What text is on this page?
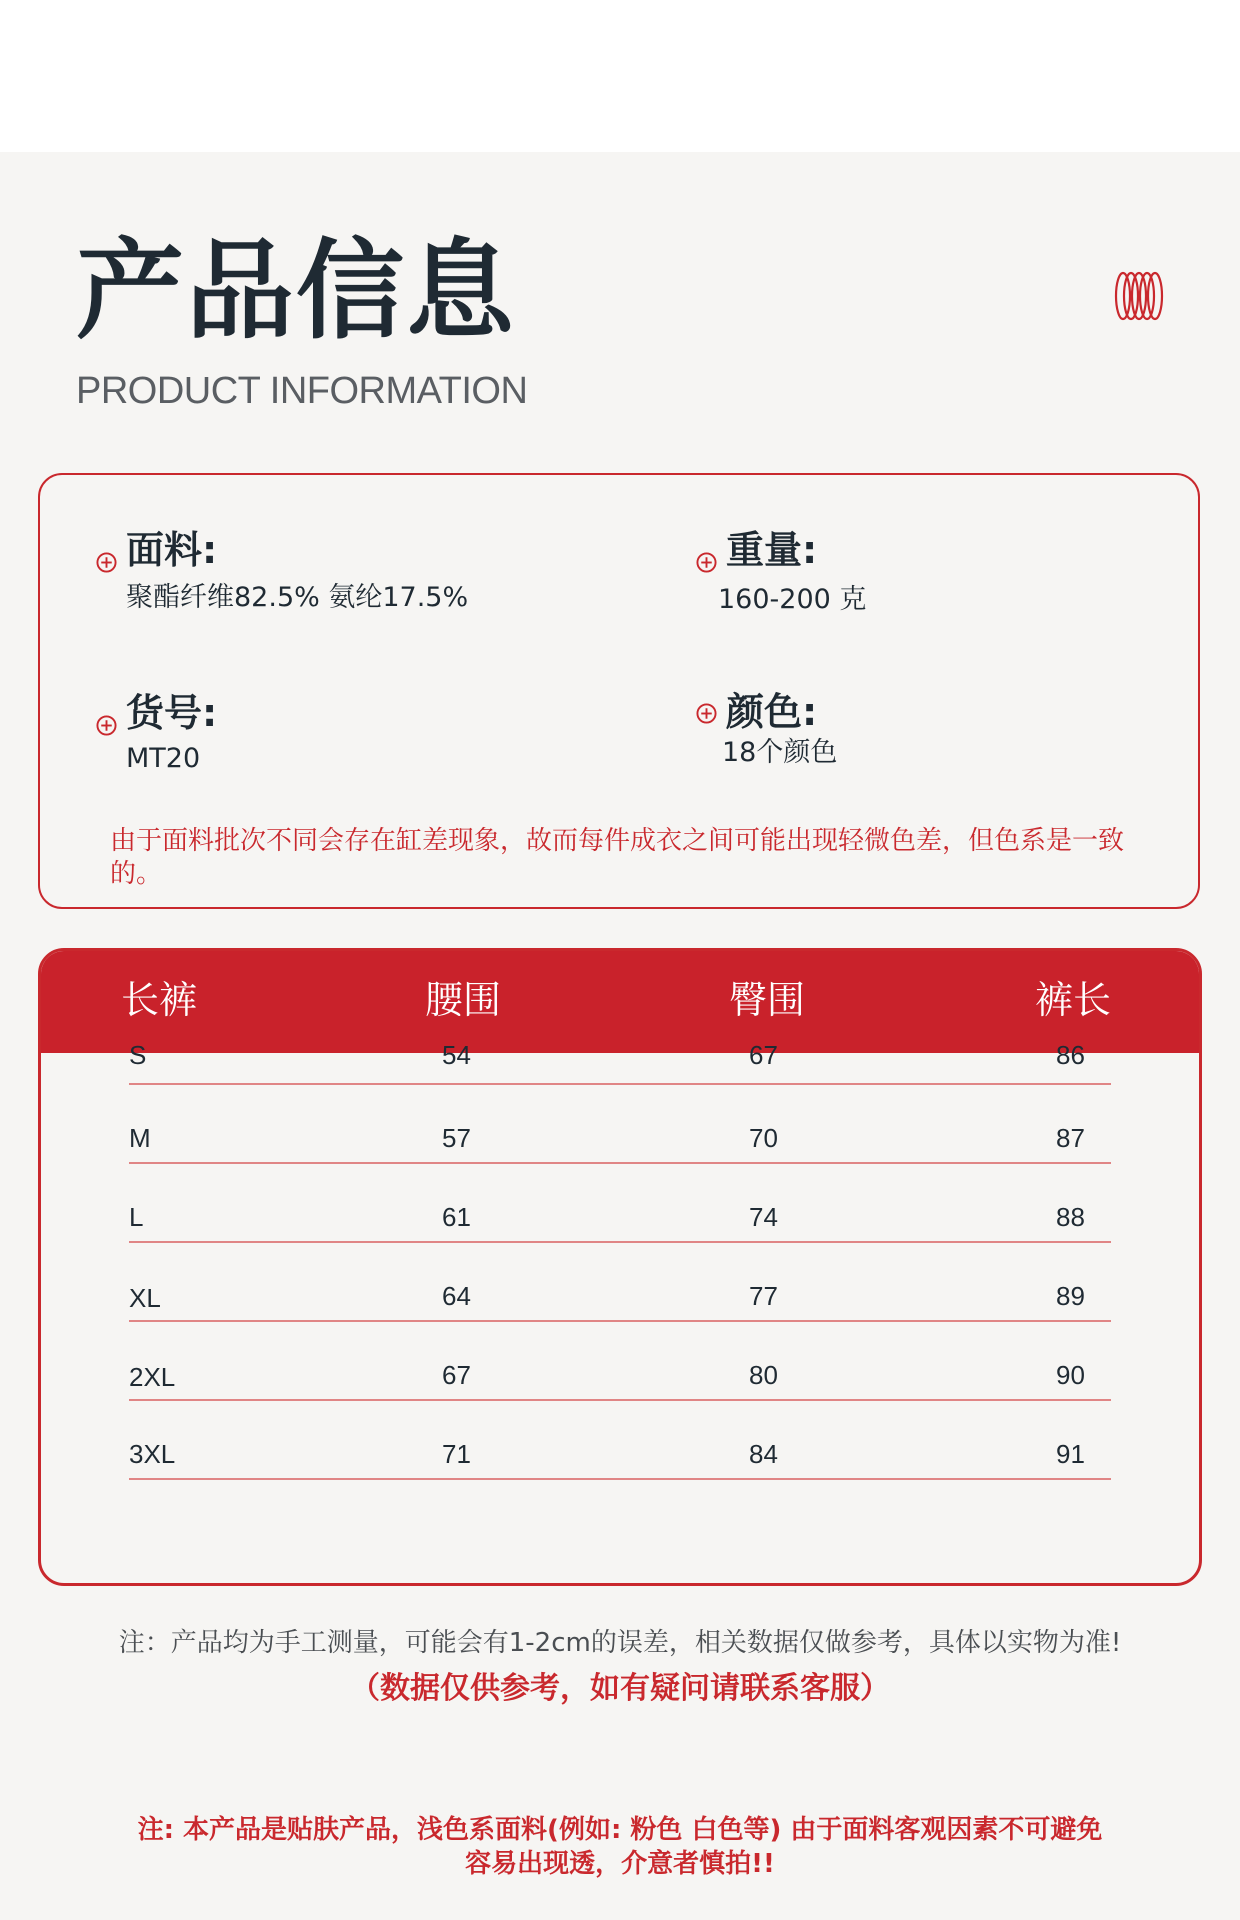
产品信息
PRODUCT INFORMATION
面料:
聚酯纤维82.5% 氨纶17.5%
重量:
160-200 克
货号:
MT20
颜色:
18个颜色
由于面料批次不同会存在缸差现象，故而每件成衣之间可能出现轻微色差，但色系是一致的。
长裤	腰围	臀围	裤长
S	54	67	86
M	57	70	87
L	61	74	88
XL	64	77	89
2XL	67	80	90
3XL	71	84	91
注：产品均为手工测量，可能会有1-2cm的误差，相关数据仅做参考，具体以实物为准!
（数据仅供参考，如有疑问请联系客服）
注: 本产品是贴肤产品，浅色系面料(例如: 粉色 白色等) 由于面料客观因素不可避免
容易出现透，介意者慎拍!!
